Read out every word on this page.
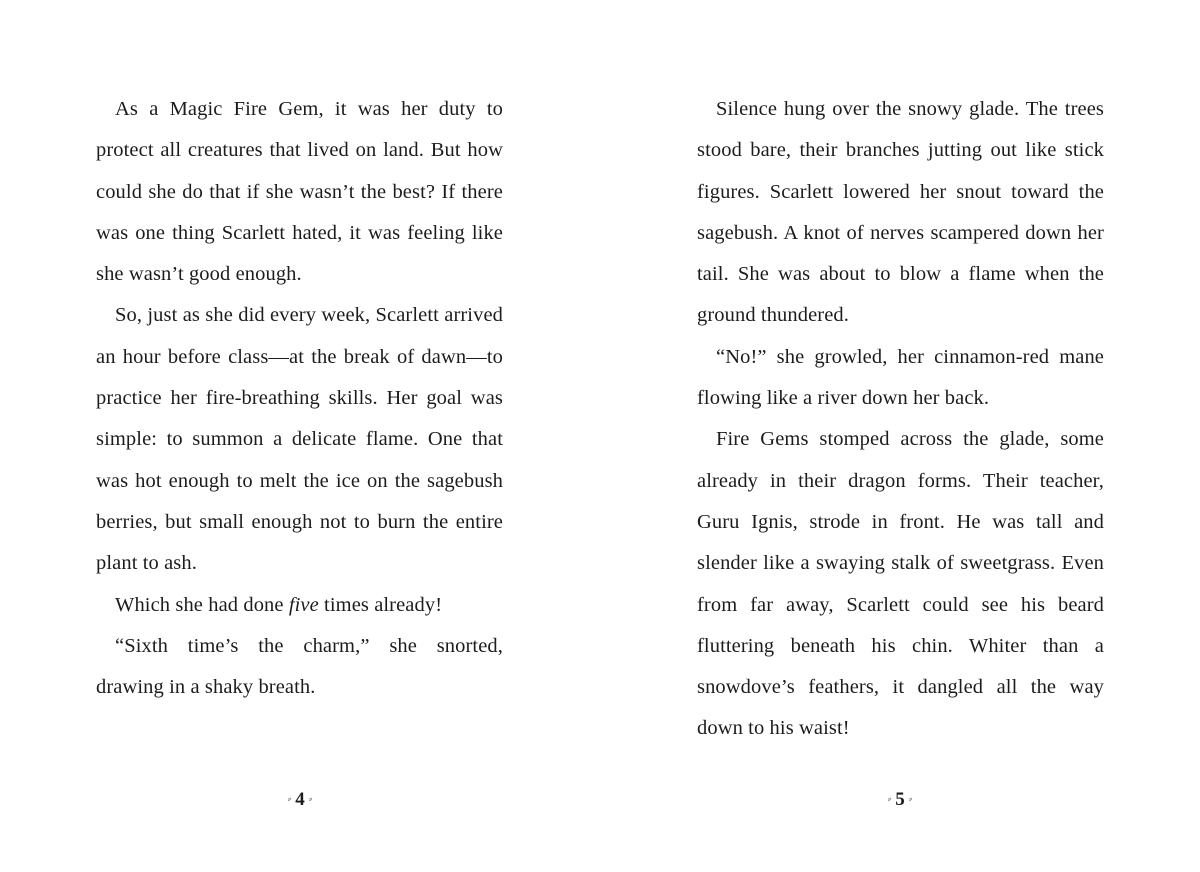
As a Magic Fire Gem, it was her duty to protect all creatures that lived on land. But how could she do that if she wasn’t the best? If there was one thing Scarlett hated, it was feeling like she wasn’t good enough.

So, just as she did every week, Scarlett arrived an hour before class—at the break of dawn—to practice her fire-breathing skills. Her goal was simple: to summon a delicate flame. One that was hot enough to melt the ice on the sagebush berries, but small enough not to burn the entire plant to ash.

Which she had done five times already!

“Sixth time’s the charm,” she snorted, drawing in a shaky breath.

Silence hung over the snowy glade. The trees stood bare, their branches jutting out like stick figures. Scarlett lowered her snout toward the sagebush. A knot of nerves scampered down her tail. She was about to blow a flame when the ground thundered.

“No!” she growled, her cinnamon-red mane flowing like a river down her back.

Fire Gems stomped across the glade, some already in their dragon forms. Their teacher, Guru Ignis, strode in front. He was tall and slender like a swaying stalk of sweetgrass. Even from far away, Scarlett could see his beard fluttering beneath his chin. Whiter than a snowdove’s feathers, it dangled all the way down to his waist!

⸗ 4 ⸗	⸗ 5 ⸗
